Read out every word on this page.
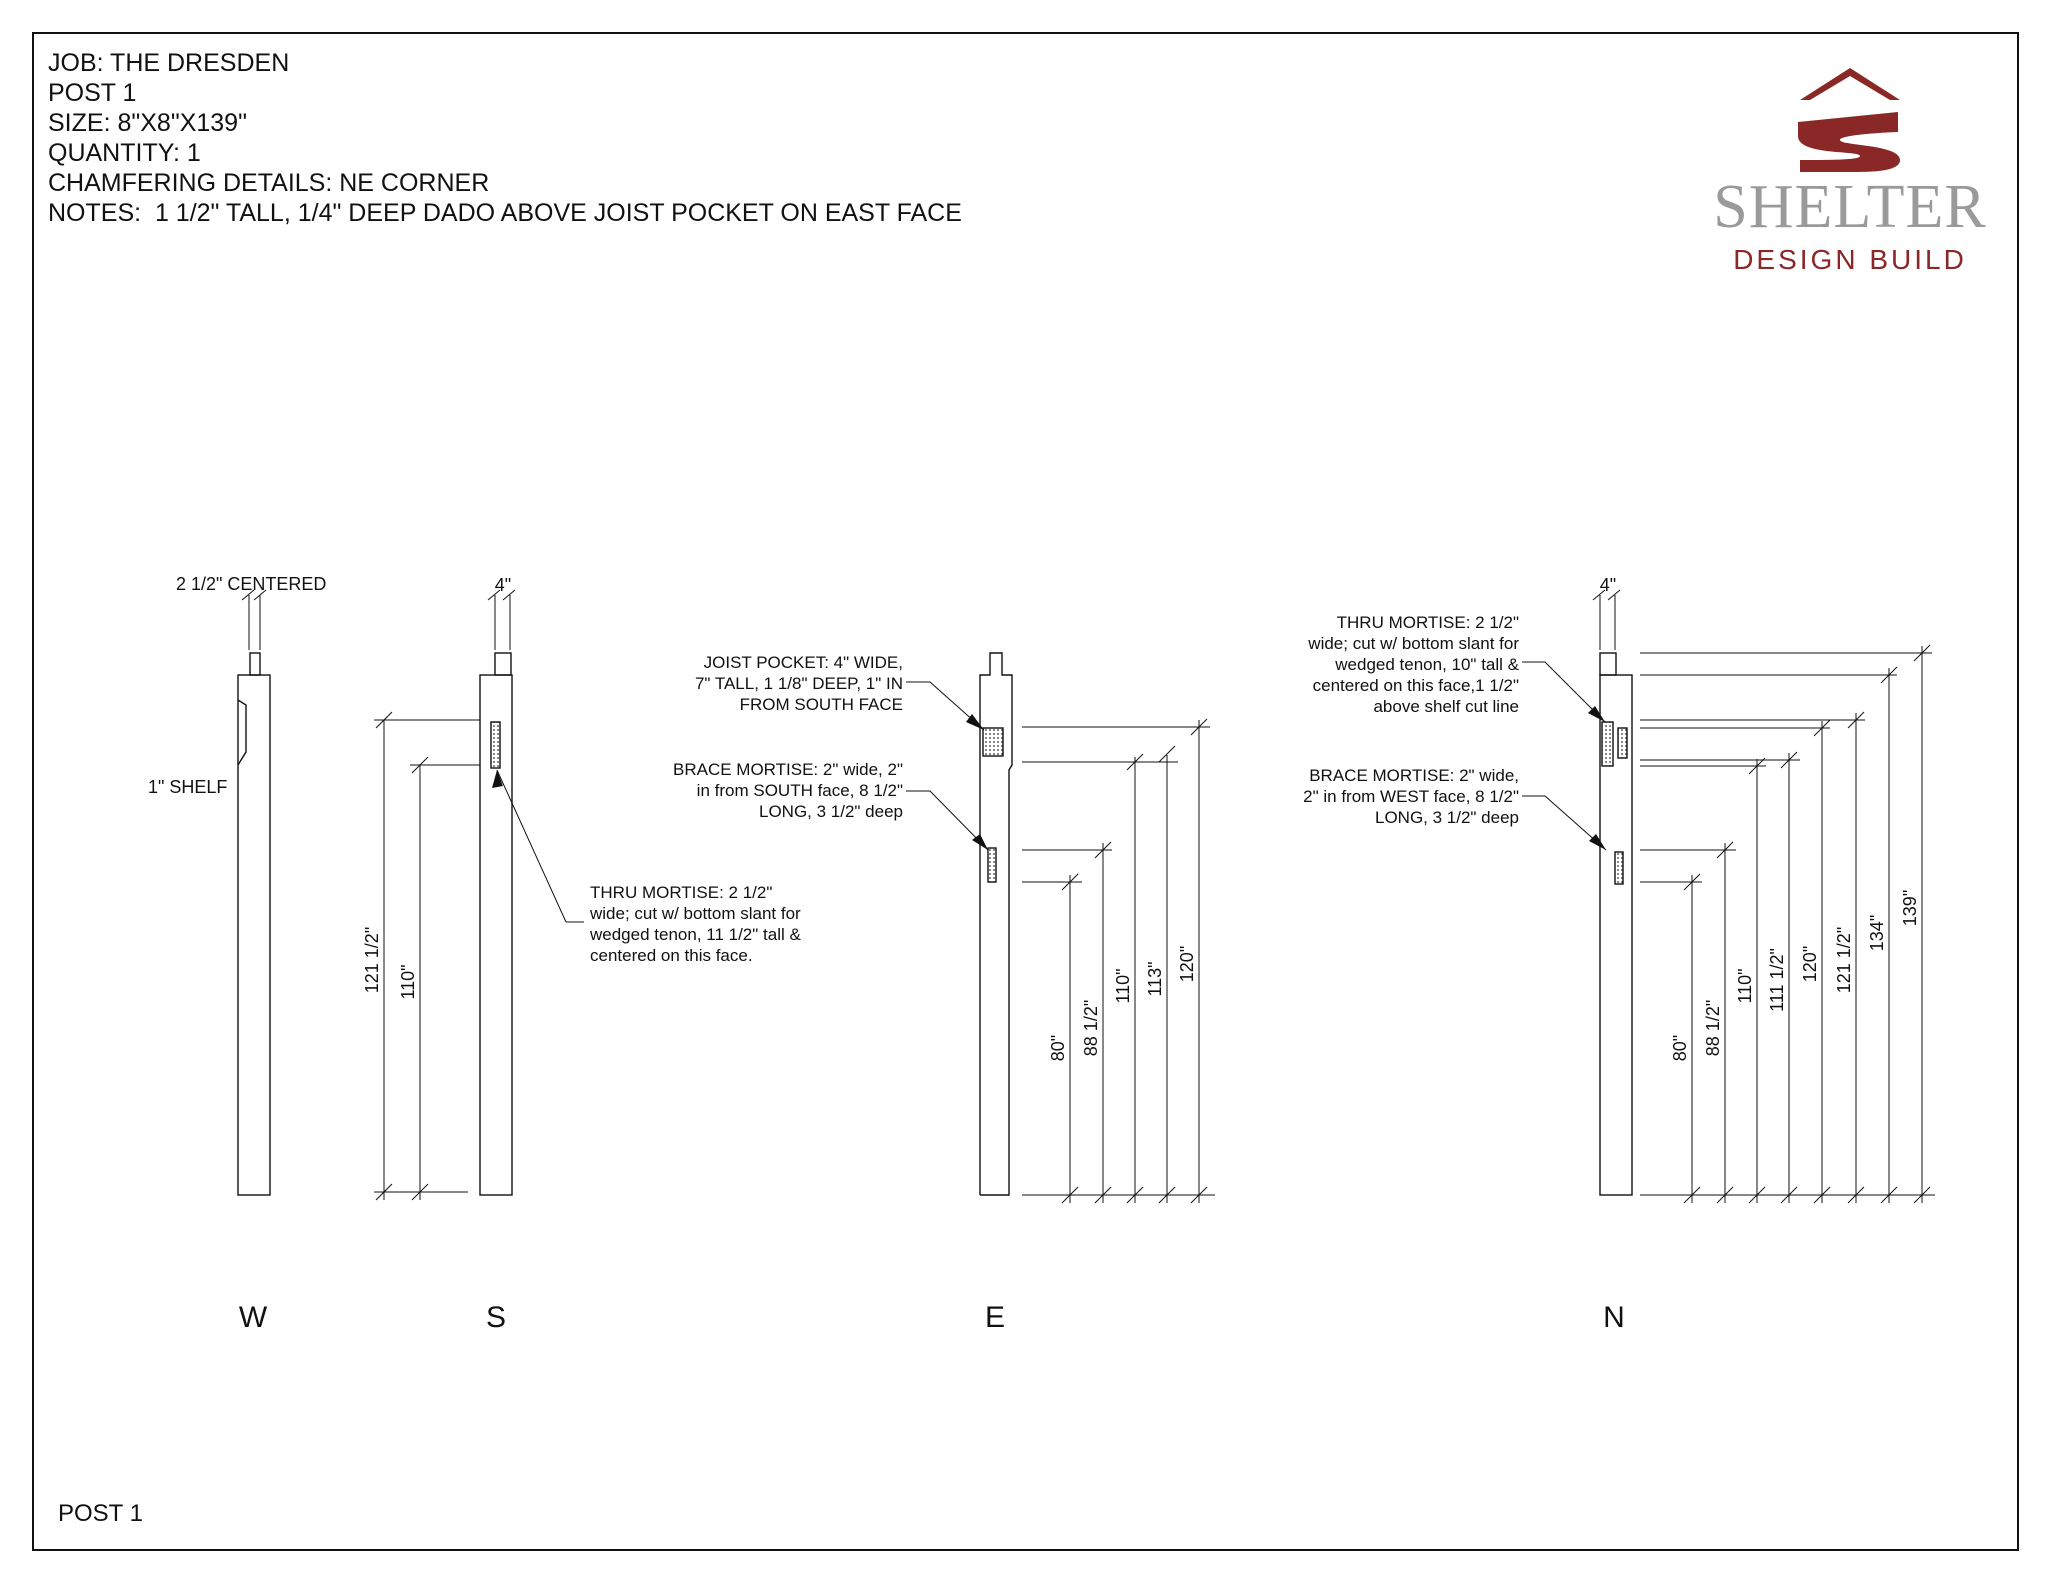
JOB: THE DRESDEN
POST 1
SIZE: 8"X8"X139"
QUANTITY: 1
CHAMFERING DETAILS: NE CORNER
NOTES:  1 1/2" TALL, 1/4" DEEP DADO ABOVE JOIST POCKET ON EAST FACE	SHELTER
DESIGN BUILD
2 1/2" CENTERED
1" SHELF
W
4"
121 1/2" 110"
THRU MORTISE: 2 1/2"
wide; cut w/ bottom slant for
wedged tenon, 11 1/2" tall &
centered on this face.
S
80" 88 1/2"
110" 113" 120"
JOIST POCKET: 4" WIDE,
7" TALL, 1 1/8" DEEP, 1" IN
FROM SOUTH FACE
BRACE MORTISE: 2" wide, 2"
in from SOUTH face, 8 1/2"
LONG, 3 1/2" deep
E
4"
80" 88 1/2"
110" 111 1/2" 120" 121 1/2" 134"
139"
THRU MORTISE: 2 1/2"
wide; cut w/ bottom slant for
wedged tenon, 10" tall &
centered on this face,1 1/2"
above shelf cut line
BRACE MORTISE: 2" wide,
2" in from WEST face, 8 1/2"
LONG, 3 1/2" deep
N
POST 1
